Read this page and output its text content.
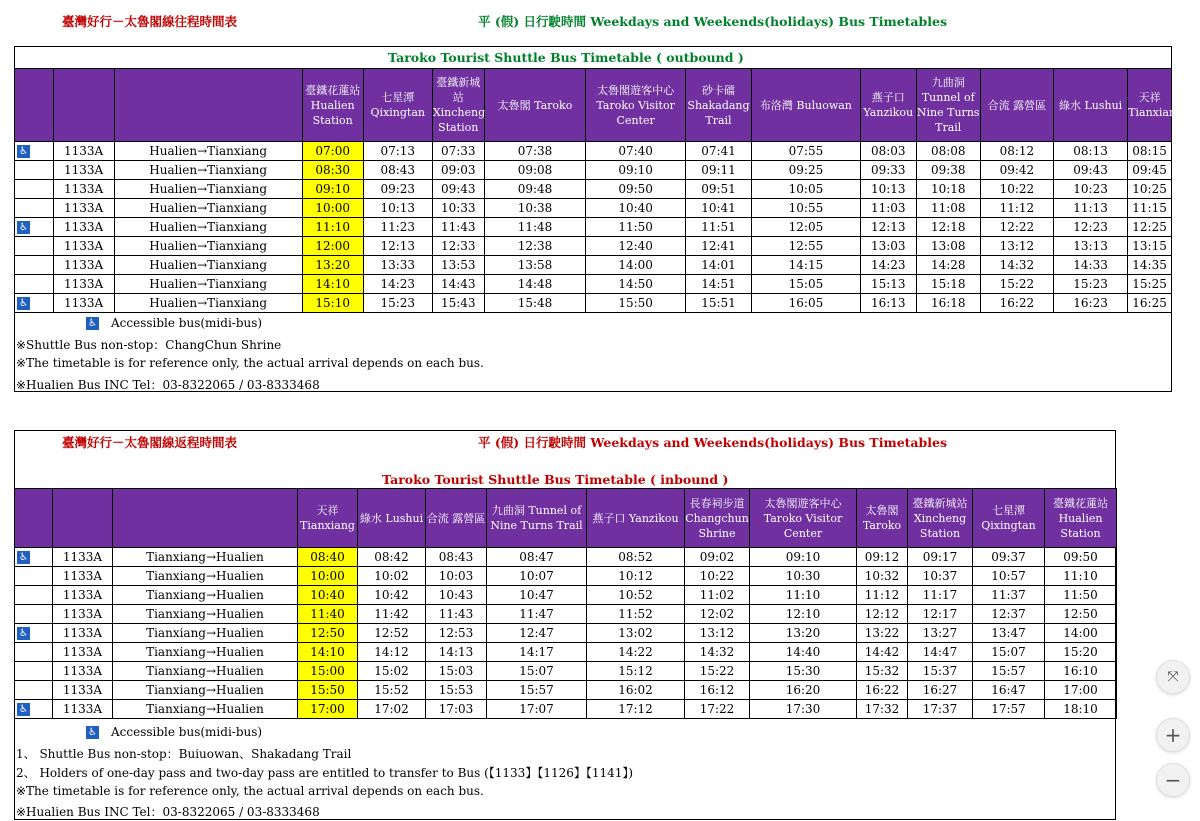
臺灣好行－太魯閣線往程時間表	平 (假) 日行駛時間 Weekdays and Weekends(holidays) Bus Timetables
Taroko Tourist Shuttle Bus Timetable ( outbound )
			臺鐵花蓮站 Hualien Station	七星潭 Qixingtan	臺鐵新城站 Xincheng Station	太魯閣 Taroko	太魯閣遊客中心 Taroko Visitor Center	砂卡礑 Shakadang Trail	布洛灣 Buluowan	燕子口 Yanzikou	九曲洞 Tunnel of Nine Turns Trail	合流 露營區	綠水 Lushui	天祥 Tianxiang
♿	1133A	Hualien→Tianxiang	07:00	07:13	07:33	07:38	07:40	07:41	07:55	08:03	08:08	08:12	08:13	08:15
	1133A	Hualien→Tianxiang	08:30	08:43	09:03	09:08	09:10	09:11	09:25	09:33	09:38	09:42	09:43	09:45
	1133A	Hualien→Tianxiang	09:10	09:23	09:43	09:48	09:50	09:51	10:05	10:13	10:18	10:22	10:23	10:25
	1133A	Hualien→Tianxiang	10:00	10:13	10:33	10:38	10:40	10:41	10:55	11:03	11:08	11:12	11:13	11:15
♿	1133A	Hualien→Tianxiang	11:10	11:23	11:43	11:48	11:50	11:51	12:05	12:13	12:18	12:22	12:23	12:25
	1133A	Hualien→Tianxiang	12:00	12:13	12:33	12:38	12:40	12:41	12:55	13:03	13:08	13:12	13:13	13:15
	1133A	Hualien→Tianxiang	13:20	13:33	13:53	13:58	14:00	14:01	14:15	14:23	14:28	14:32	14:33	14:35
	1133A	Hualien→Tianxiang	14:10	14:23	14:43	14:48	14:50	14:51	15:05	15:13	15:18	15:22	15:23	15:25
♿	1133A	Hualien→Tianxiang	15:10	15:23	15:43	15:48	15:50	15:51	16:05	16:13	16:18	16:22	16:23	16:25
♿ Accessible bus(midi-bus)
※Shuttle Bus non-stop：ChangChun Shrine
※The timetable is for reference only, the actual arrival depends on each bus.
※Hualien Bus INC Tel：03-8322065 / 03-8333468
臺灣好行－太魯閣線返程時間表	平 (假) 日行駛時間 Weekdays and Weekends(holidays) Bus Timetables
Taroko Tourist Shuttle Bus Timetable ( inbound )
			天祥 Tianxiang	綠水 Lushui	合流 露營區	九曲洞 Tunnel of Nine Turns Trail	燕子口 Yanzikou	長春祠步道 Changchun Shrine	太魯閣遊客中心 Taroko Visitor Center	太魯閣 Taroko	臺鐵新城站 Xincheng Station	七星潭 Qixingtan	臺鐵花蓮站 Hualien Station
♿	1133A	Tianxiang→Hualien	08:40	08:42	08:43	08:47	08:52	09:02	09:10	09:12	09:17	09:37	09:50
	1133A	Tianxiang→Hualien	10:00	10:02	10:03	10:07	10:12	10:22	10:30	10:32	10:37	10:57	11:10
	1133A	Tianxiang→Hualien	10:40	10:42	10:43	10:47	10:52	11:02	11:10	11:12	11:17	11:37	11:50
	1133A	Tianxiang→Hualien	11:40	11:42	11:43	11:47	11:52	12:02	12:10	12:12	12:17	12:37	12:50
♿	1133A	Tianxiang→Hualien	12:50	12:52	12:53	12:47	13:02	13:12	13:20	13:22	13:27	13:47	14:00
	1133A	Tianxiang→Hualien	14:10	14:12	14:13	14:17	14:22	14:32	14:40	14:42	14:47	15:07	15:20
	1133A	Tianxiang→Hualien	15:00	15:02	15:03	15:07	15:12	15:22	15:30	15:32	15:37	15:57	16:10
	1133A	Tianxiang→Hualien	15:50	15:52	15:53	15:57	16:02	16:12	16:20	16:22	16:27	16:47	17:00
♿	1133A	Tianxiang→Hualien	17:00	17:02	17:03	17:07	17:12	17:22	17:30	17:32	17:37	17:57	18:10
♿ Accessible bus(midi-bus)
1、 Shuttle Bus non-stop：Buiuowan、Shakadang Trail
2、 Holders of one-day pass and two-day pass are entitled to transfer to Bus (【1133】【1126】【1141】)
※The timetable is for reference only, the actual arrival depends on each bus.
※Hualien Bus INC Tel：03-8322065 / 03-8333468
⤧
+
−
